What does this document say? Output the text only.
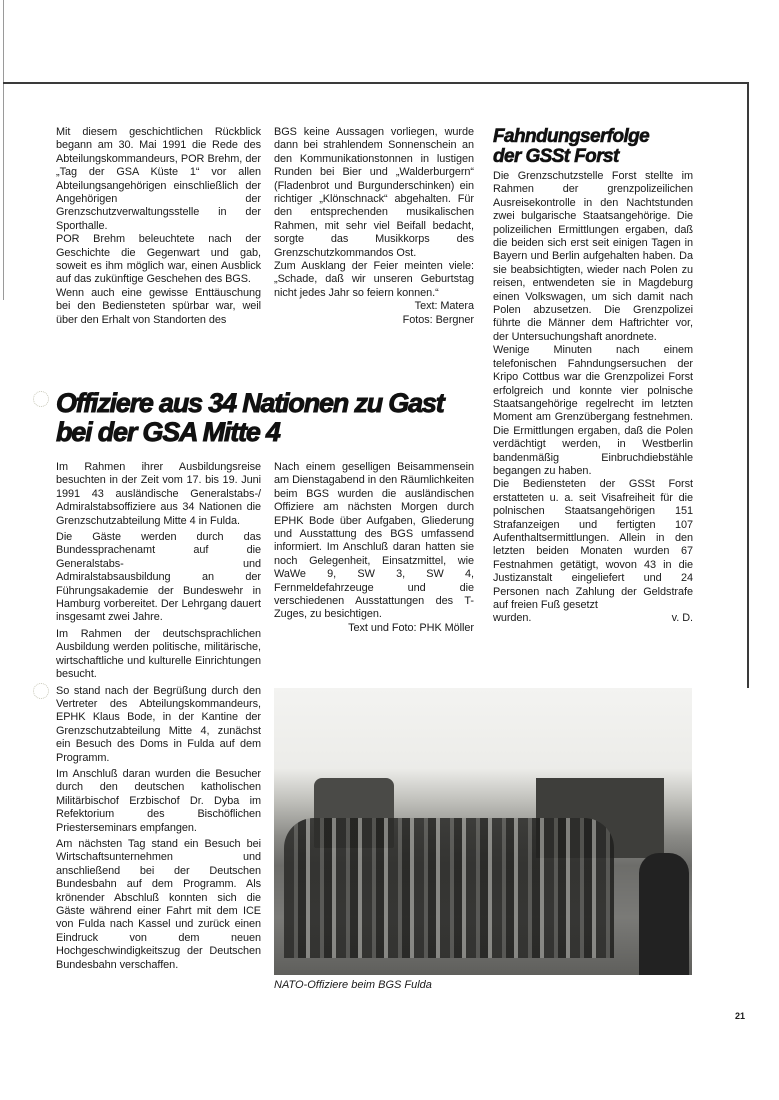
Mit diesem geschichtlichen Rückblick begann am 30. Mai 1991 die Rede des Abteilungskommandeurs, POR Brehm, der „Tag der GSA Küste 1“ vor allen Abteilungsangehörigen einschließlich der Angehörigen der Grenzschutzverwaltungsstelle in der Sporthalle.

POR Brehm beleuchtete nach der Geschichte die Gegenwart und gab, soweit es ihm möglich war, einen Ausblick auf das zukünftige Geschehen des BGS.

Wenn auch eine gewisse Enttäuschung bei den Bediensteten spürbar war, weil über den Erhalt von Standorten des

BGS keine Aussagen vorliegen, wurde dann bei strahlendem Sonnenschein an den Kommunikationstonnen in lustigen Runden bei Bier und „Walderburgern“ (Fladenbrot und Burgunderschinken) ein richtiger „Klönschnack“ abgehalten. Für den entsprechenden musikalischen Rahmen, mit sehr viel Beifall bedacht, sorgte das Musikkorps des Grenzschutzkommandos Ost.

Zum Ausklang der Feier meinten viele: „Schade, daß wir unseren Geburtstag nicht jedes Jahr so feiern konnen.“

Text: Matera

Fotos: Bergner

Fahndungserfolge
der GSSt Forst

Die Grenzschutzstelle Forst stellte im Rahmen der grenzpolizeilichen Ausreisekontrolle in den Nachtstunden zwei bulgarische Staatsangehörige. Die polizeilichen Ermittlungen ergaben, daß die beiden sich erst seit einigen Tagen in Bayern und Berlin aufgehalten haben. Da sie beabsichtigten, wieder nach Polen zu reisen, entwendeten sie in Magdeburg einen Volkswagen, um sich damit nach Polen abzusetzen. Die Grenzpolizei führte die Männer dem Haftrichter vor, der Untersuchungshaft anordnete.

Wenige Minuten nach einem telefonischen Fahndungsersuchen der Kripo Cottbus war die Grenzpolizei Forst erfolgreich und konnte vier polnische Staatsangehörige regelrecht im letzten Moment am Grenzübergang festnehmen. Die Ermittlungen ergaben, daß die Polen verdächtigt werden, in Westberlin bandenmäßig Einbruchdiebstähle begangen zu haben.

Die Bediensteten der GSSt Forst erstatteten u. a. seit Visafreiheit für die polnischen Staatsangehörigen 151 Strafanzeigen und fertigten 107 Aufenthaltsermittlungen. Allein in den letzten beiden Monaten wurden 67 Festnahmen getätigt, wovon 43 in die Justizanstalt eingeliefert und 24 Personen nach Zahlung der Geldstrafe auf freien Fuß gesetzt

wurden.	v. D.

Offiziere aus 34 Nationen zu Gast
bei der GSA Mitte 4

Im Rahmen ihrer Ausbildungsreise besuchten in der Zeit vom 17. bis 19. Juni 1991 43 ausländische Generalstabs-/ Admiralstabsoffiziere aus 34 Nationen die Grenzschutzabteilung Mitte 4 in Fulda.

Die Gäste werden durch das Bundessprachenamt auf die Generalstabs- und Admiralstabsausbildung an der Führungsakademie der Bundeswehr in Hamburg vorbereitet. Der Lehrgang dauert insgesamt zwei Jahre.

Im Rahmen der deutschsprachlichen Ausbildung werden politische, militärische, wirtschaftliche und kulturelle Einrichtungen besucht.

So stand nach der Begrüßung durch den Vertreter des Abteilungskommandeurs, EPHK Klaus Bode, in der Kantine der Grenzschutzabteilung Mitte 4, zunächst ein Besuch des Doms in Fulda auf dem Programm.

Im Anschluß daran wurden die Besucher durch den deutschen katholischen Militärbischof Erzbischof Dr. Dyba im Refektorium des Bischöflichen Priesterseminars empfangen.

Am nächsten Tag stand ein Besuch bei Wirtschaftsunternehmen und anschließend bei der Deutschen Bundesbahn auf dem Programm. Als krönender Abschluß konnten sich die Gäste während einer Fahrt mit dem ICE von Fulda nach Kassel und zurück einen Eindruck von dem neuen Hochgeschwindigkeitszug der Deutschen Bundesbahn verschaffen.

Nach einem geselligen Beisammensein am Dienstagabend in den Räumlichkeiten beim BGS wurden die ausländischen Offiziere am nächsten Morgen durch EPHK Bode über Aufgaben, Gliederung und Ausstattung des BGS umfassend informiert. Im Anschluß daran hatten sie noch Gelegenheit, Einsatzmittel, wie WaWe 9, SW 3, SW 4, Fernmeldefahrzeuge und die verschiedenen Ausstattungen des T-Zuges, zu besichtigen.

Text und Foto: PHK Möller

NATO-Offiziere beim BGS Fulda
21
